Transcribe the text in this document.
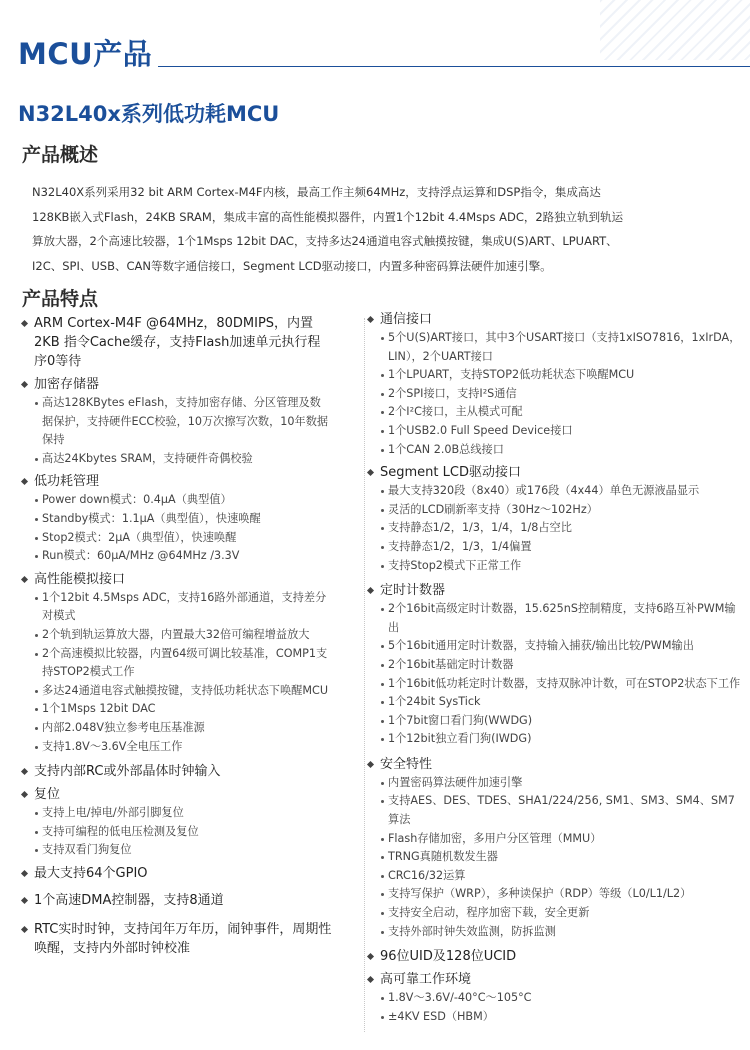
MCU产品
N32L40x系列低功耗MCU
产品概述

N32L40X系列采用32 bit ARM Cortex-M4F内核，最高工作主频64MHz，支持浮点运算和DSP指令，集成高达

128KB嵌入式Flash，24KB SRAM，集成丰富的高性能模拟器件，内置1个12bit 4.4Msps ADC，2路独立轨到轨运

算放大器，2个高速比较器，1个1Msps 12bit DAC，支持多达24通道电容式触摸按键，集成U(S)ART、LPUART、

I2C、SPI、USB、CAN等数字通信接口，Segment LCD驱动接口，内置多种密码算法硬件加速引擎。

产品特点
ARM Cortex-M4F @64MHz，80DMIPS，内置 2KB 指令Cache缓存，支持Flash加速单元执行程序0等待
加密存储器
高达128KBytes eFlash，支持加密存储、分区管理及数据保护，支持硬件ECC校验，10万次擦写次数，10年数据保持
高达24Kbytes SRAM，支持硬件奇偶校验
低功耗管理
Power down模式：0.4μA（典型值）
Standby模式：1.1μA（典型值），快速唤醒
Stop2模式：2μA（典型值），快速唤醒
Run模式：60μA/MHz @64MHz /3.3V
高性能模拟接口
1个12bit 4.5Msps ADC，支持16路外部通道，支持差分对模式
2个轨到轨运算放大器，内置最大32倍可编程增益放大
2个高速模拟比较器，内置64级可调比较基准，COMP1支持STOP2模式工作
多达24通道电容式触摸按键，支持低功耗状态下唤醒MCU
1个1Msps 12bit DAC
内部2.048V独立参考电压基准源
支持1.8V～3.6V全电压工作
支持内部RC或外部晶体时钟输入
复位
支持上电/掉电/外部引脚复位
支持可编程的低电压检测及复位
支持双看门狗复位
最大支持64个GPIO
1个高速DMA控制器，支持8通道
RTC实时时钟，支持闰年万年历，闹钟事件，周期性唤醒，支持内外部时钟校准
通信接口
5个U(S)ART接口，其中3个USART接口（支持1xISO7816，1xIrDA，LIN），2个UART接口
1个LPUART，支持STOP2低功耗状态下唤醒MCU
2个SPI接口，支持I²S通信
2个I²C接口，主从模式可配
1个USB2.0 Full Speed Device接口
1个CAN 2.0B总线接口
Segment LCD驱动接口
最大支持320段（8x40）或176段（4x44）单色无源液晶显示
灵活的LCD刷新率支持（30Hz～102Hz）
支持静态1/2，1/3，1/4，1/8占空比
支持静态1/2，1/3，1/4偏置
支持Stop2模式下正常工作
定时计数器
2个16bit高级定时计数器，15.625nS控制精度，支持6路互补PWM输出
5个16bit通用定时计数器，支持输入捕获/输出比较/PWM输出
2个16bit基础定时计数器
1个16bit低功耗定时计数器，支持双脉冲计数，可在STOP2状态下工作
1个24bit SysTick
1个7bit窗口看门狗(WWDG)
1个12bit独立看门狗(IWDG)
安全特性
内置密码算法硬件加速引擎
支持AES、DES、TDES、SHA1/224/256, SM1、SM3、SM4、SM7算法
Flash存储加密，多用户分区管理（MMU）
TRNG真随机数发生器
CRC16/32运算
支持写保护（WRP），多种读保护（RDP）等级（L0/L1/L2）
支持安全启动，程序加密下载，安全更新
支持外部时钟失效监测，防拆监测
96位UID及128位UCID
高可靠工作环境
1.8V～3.6V/-40°C～105°C
±4KV ESD（HBM）	​
